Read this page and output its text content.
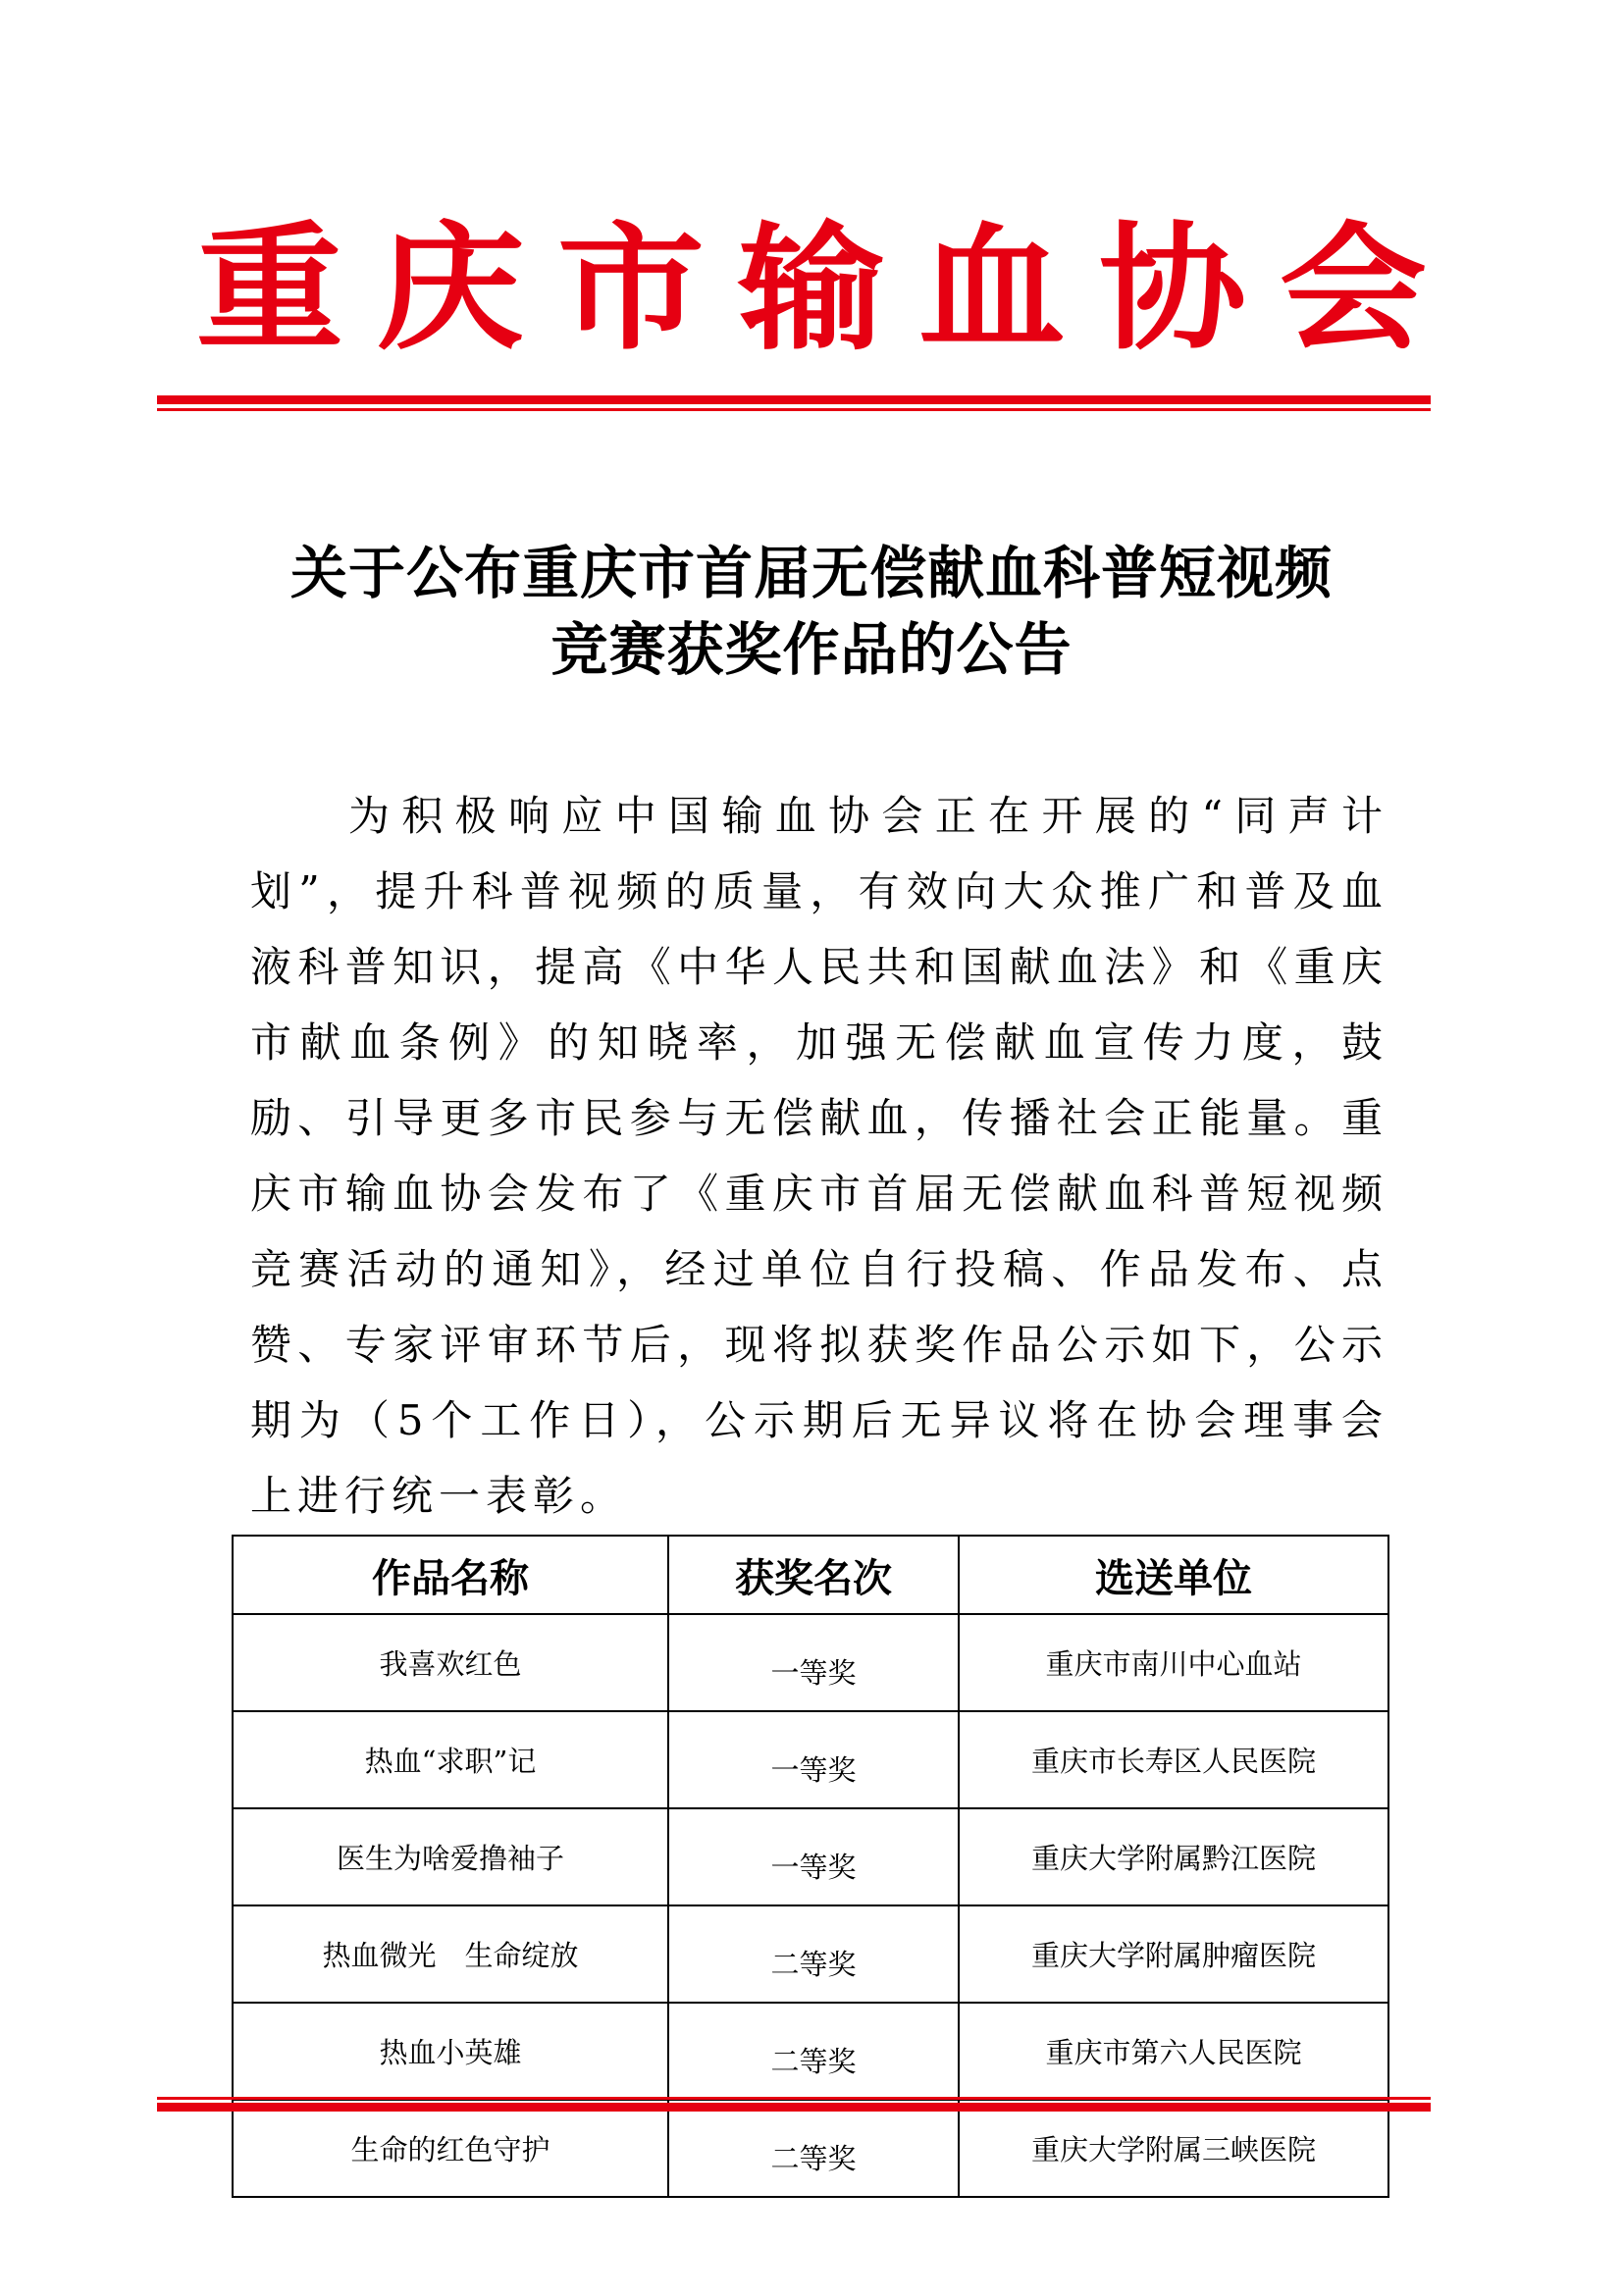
重 庆 市 输 血 协 会
关于公布重庆市首届无偿献血科普短视频
竞赛获奖作品的公告

为积极响应中国输血协会正在开展的“同声计划”，提升科普视频的质量，有效向大众推广和普及血液科普知识，提高《中华人民共和国献血法》和《重庆市献血条例》的知晓率，加强无偿献血宣传力度，鼓励、引导更多市民参与无偿献血，传播社会正能量。重庆市输血协会发布了《重庆市首届无偿献血科普短视频竞赛活动的通知》，经过单位自行投稿、作品发布、点赞、专家评审环节后，现将拟获奖作品公示如下，公示期为（5个工作日），公示期后无异议将在协会理事会上进行统一表彰。

作品名称	获奖名次	选送单位
我喜欢红色	一等奖	重庆市南川中心血站
热血“求职”记	一等奖	重庆市长寿区人民医院
医生为啥爱撸袖子	一等奖	重庆大学附属黔江医院
热血微光　生命绽放	二等奖	重庆大学附属肿瘤医院
热血小英雄	二等奖	重庆市第六人民医院
生命的红色守护	二等奖	重庆大学附属三峡医院
